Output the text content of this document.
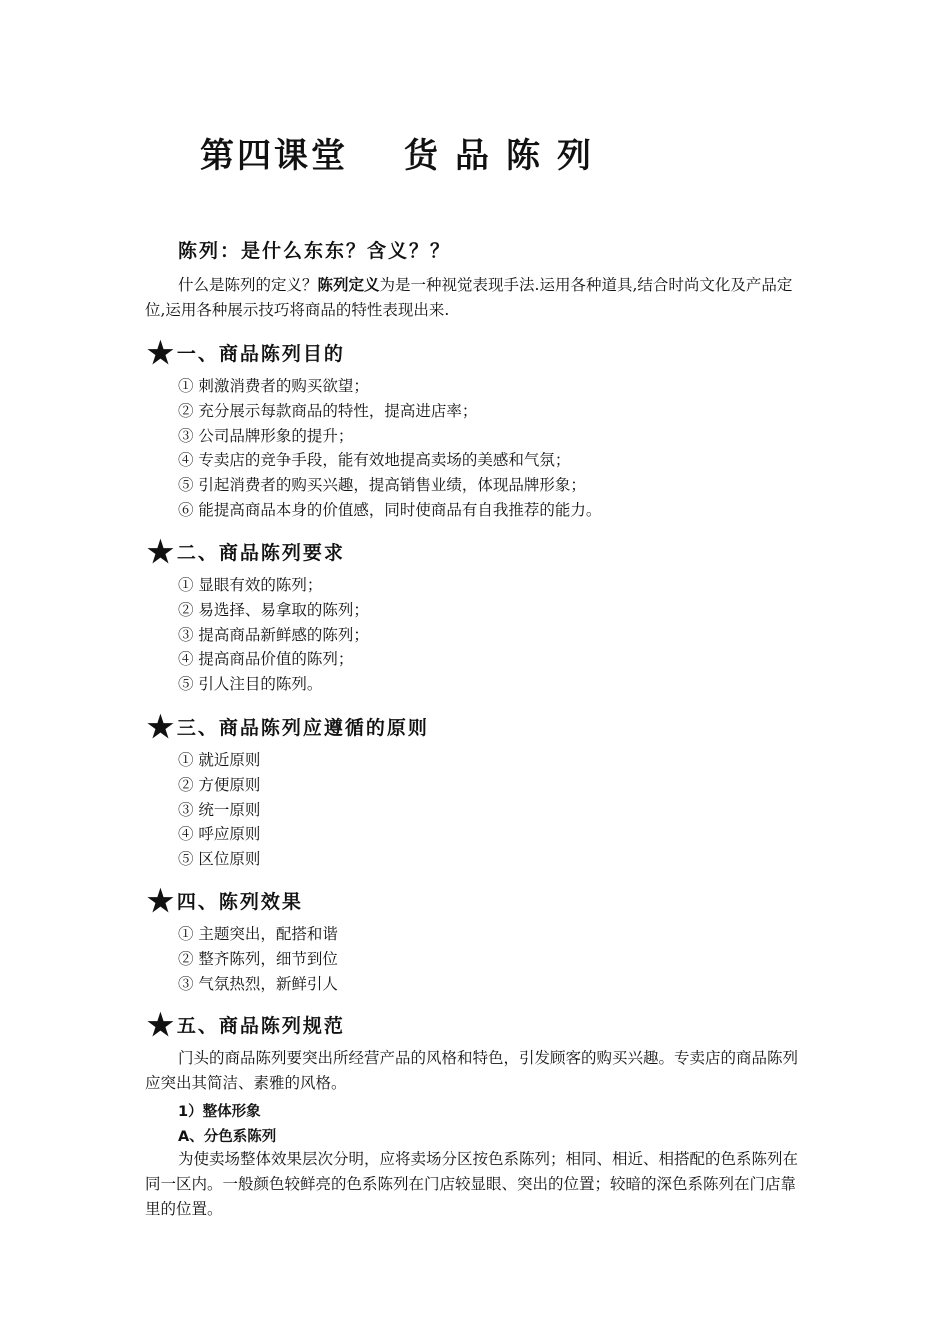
第四课堂 货品陈列
陈列：是什么东东？含义？？

什么是陈列的定义？陈列定义为是一种视觉表现手法.运用各种道具,结合时尚文化及产品定位,运用各种展示技巧将商品的特性表现出来.

★ 一、商品陈列目的
① 刺激消费者的购买欲望；
② 充分展示每款商品的特性，提高进店率；
③ 公司品牌形象的提升；
④ 专卖店的竞争手段，能有效地提高卖场的美感和气氛；
⑤ 引起消费者的购买兴趣，提高销售业绩，体现品牌形象；
⑥ 能提高商品本身的价值感，同时使商品有自我推荐的能力。
★ 二、商品陈列要求
① 显眼有效的陈列；
② 易选择、易拿取的陈列；
③ 提高商品新鲜感的陈列；
④ 提高商品价值的陈列；
⑤ 引人注目的陈列。
★ 三、商品陈列应遵循的原则
① 就近原则
② 方便原则
③ 统一原则
④ 呼应原则
⑤ 区位原则
★ 四、陈列效果
① 主题突出，配搭和谐
② 整齐陈列，细节到位
③ 气氛热烈，新鲜引人
★ 五、商品陈列规范

门头的商品陈列要突出所经营产品的风格和特色，引发顾客的购买兴趣。专卖店的商品陈列应突出其简洁、素雅的风格。

1）整体形象
A、分色系陈列

为使卖场整体效果层次分明，应将卖场分区按色系陈列；相同、相近、相搭配的色系陈列在同一区内。一般颜色较鲜亮的色系陈列在门店较显眼、突出的位置；较暗的深色系陈列在门店靠里的位置。
